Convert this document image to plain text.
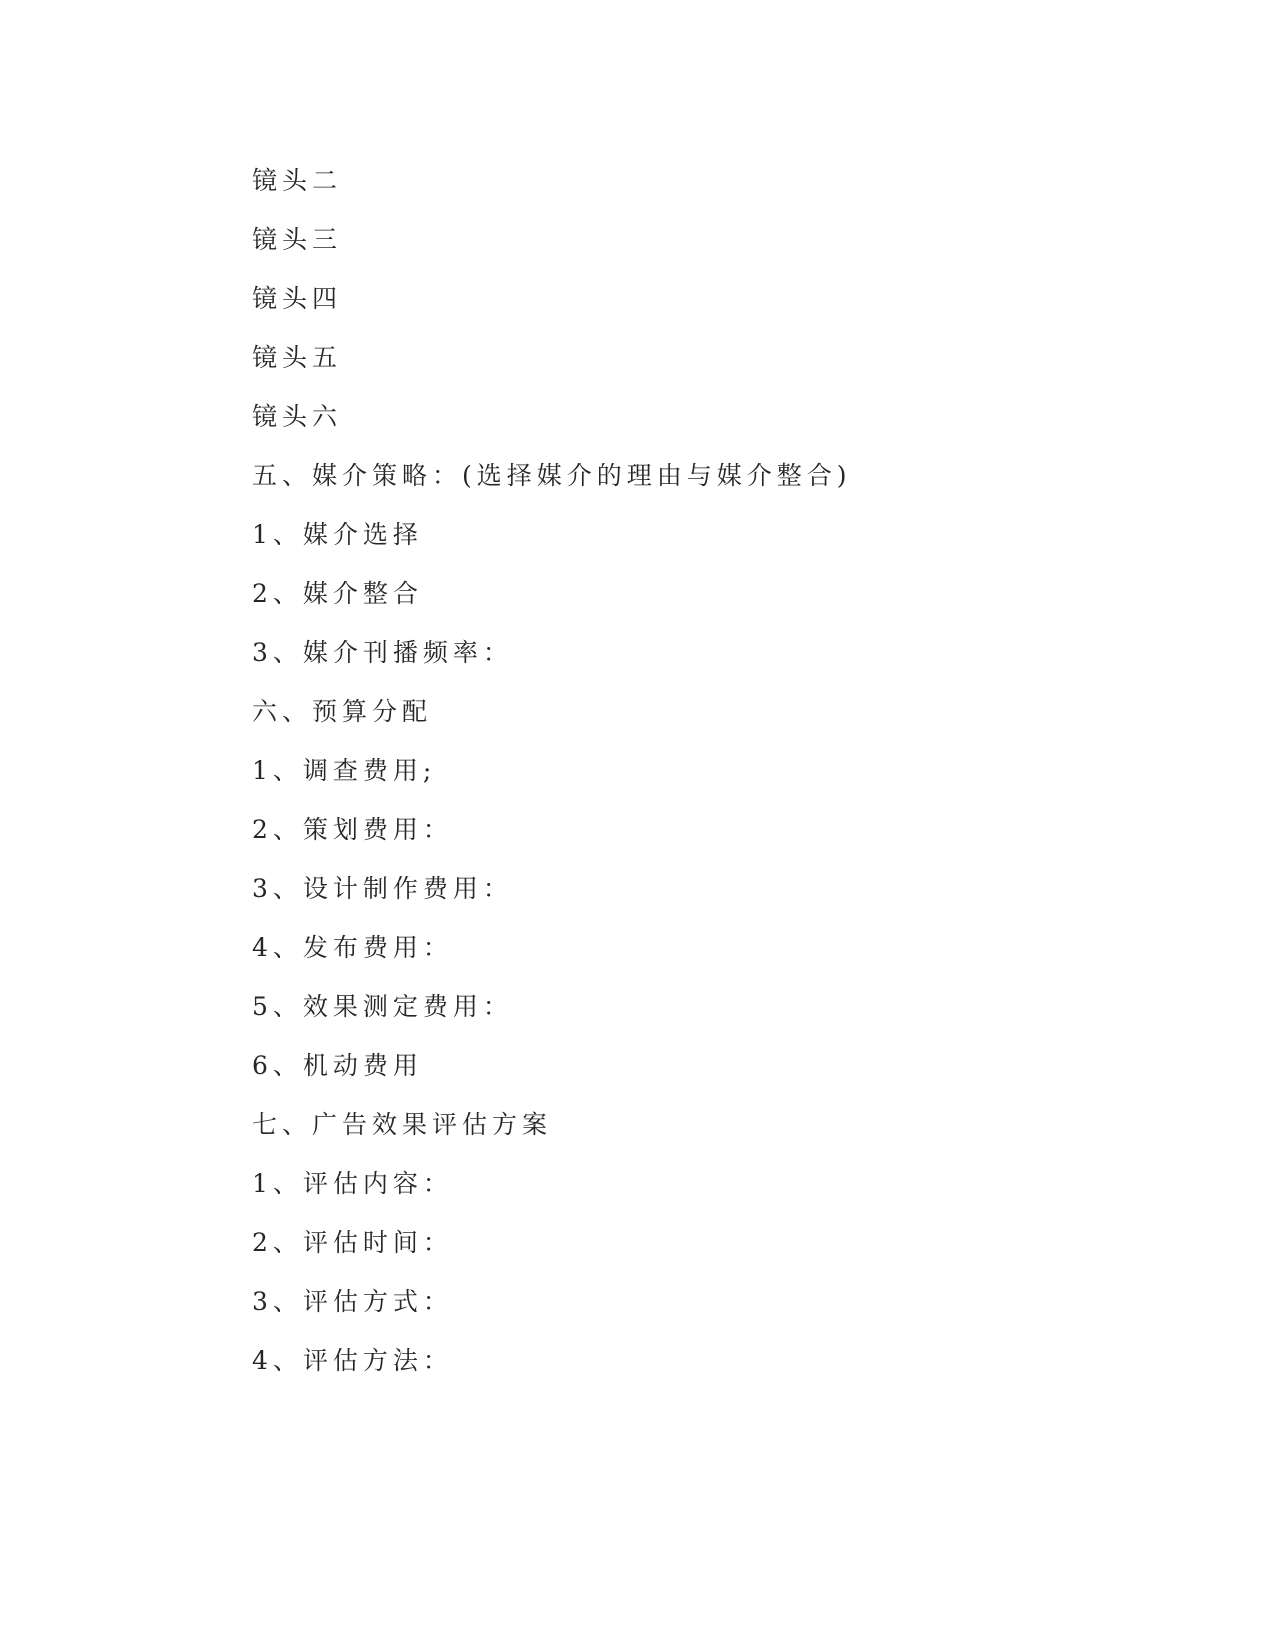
镜头二
镜头三
镜头四
镜头五
镜头六
五、媒介策略：(选择媒介的理由与媒介整合)
1、媒介选择
2、媒介整合
3、媒介刊播频率：
六、预算分配
1、调查费用;
2、策划费用：
3、设计制作费用：
4、发布费用：
5、效果测定费用：
6、机动费用
七、广告效果评估方案
1、评估内容：
2、评估时间：
3、评估方式：
4、评估方法：
